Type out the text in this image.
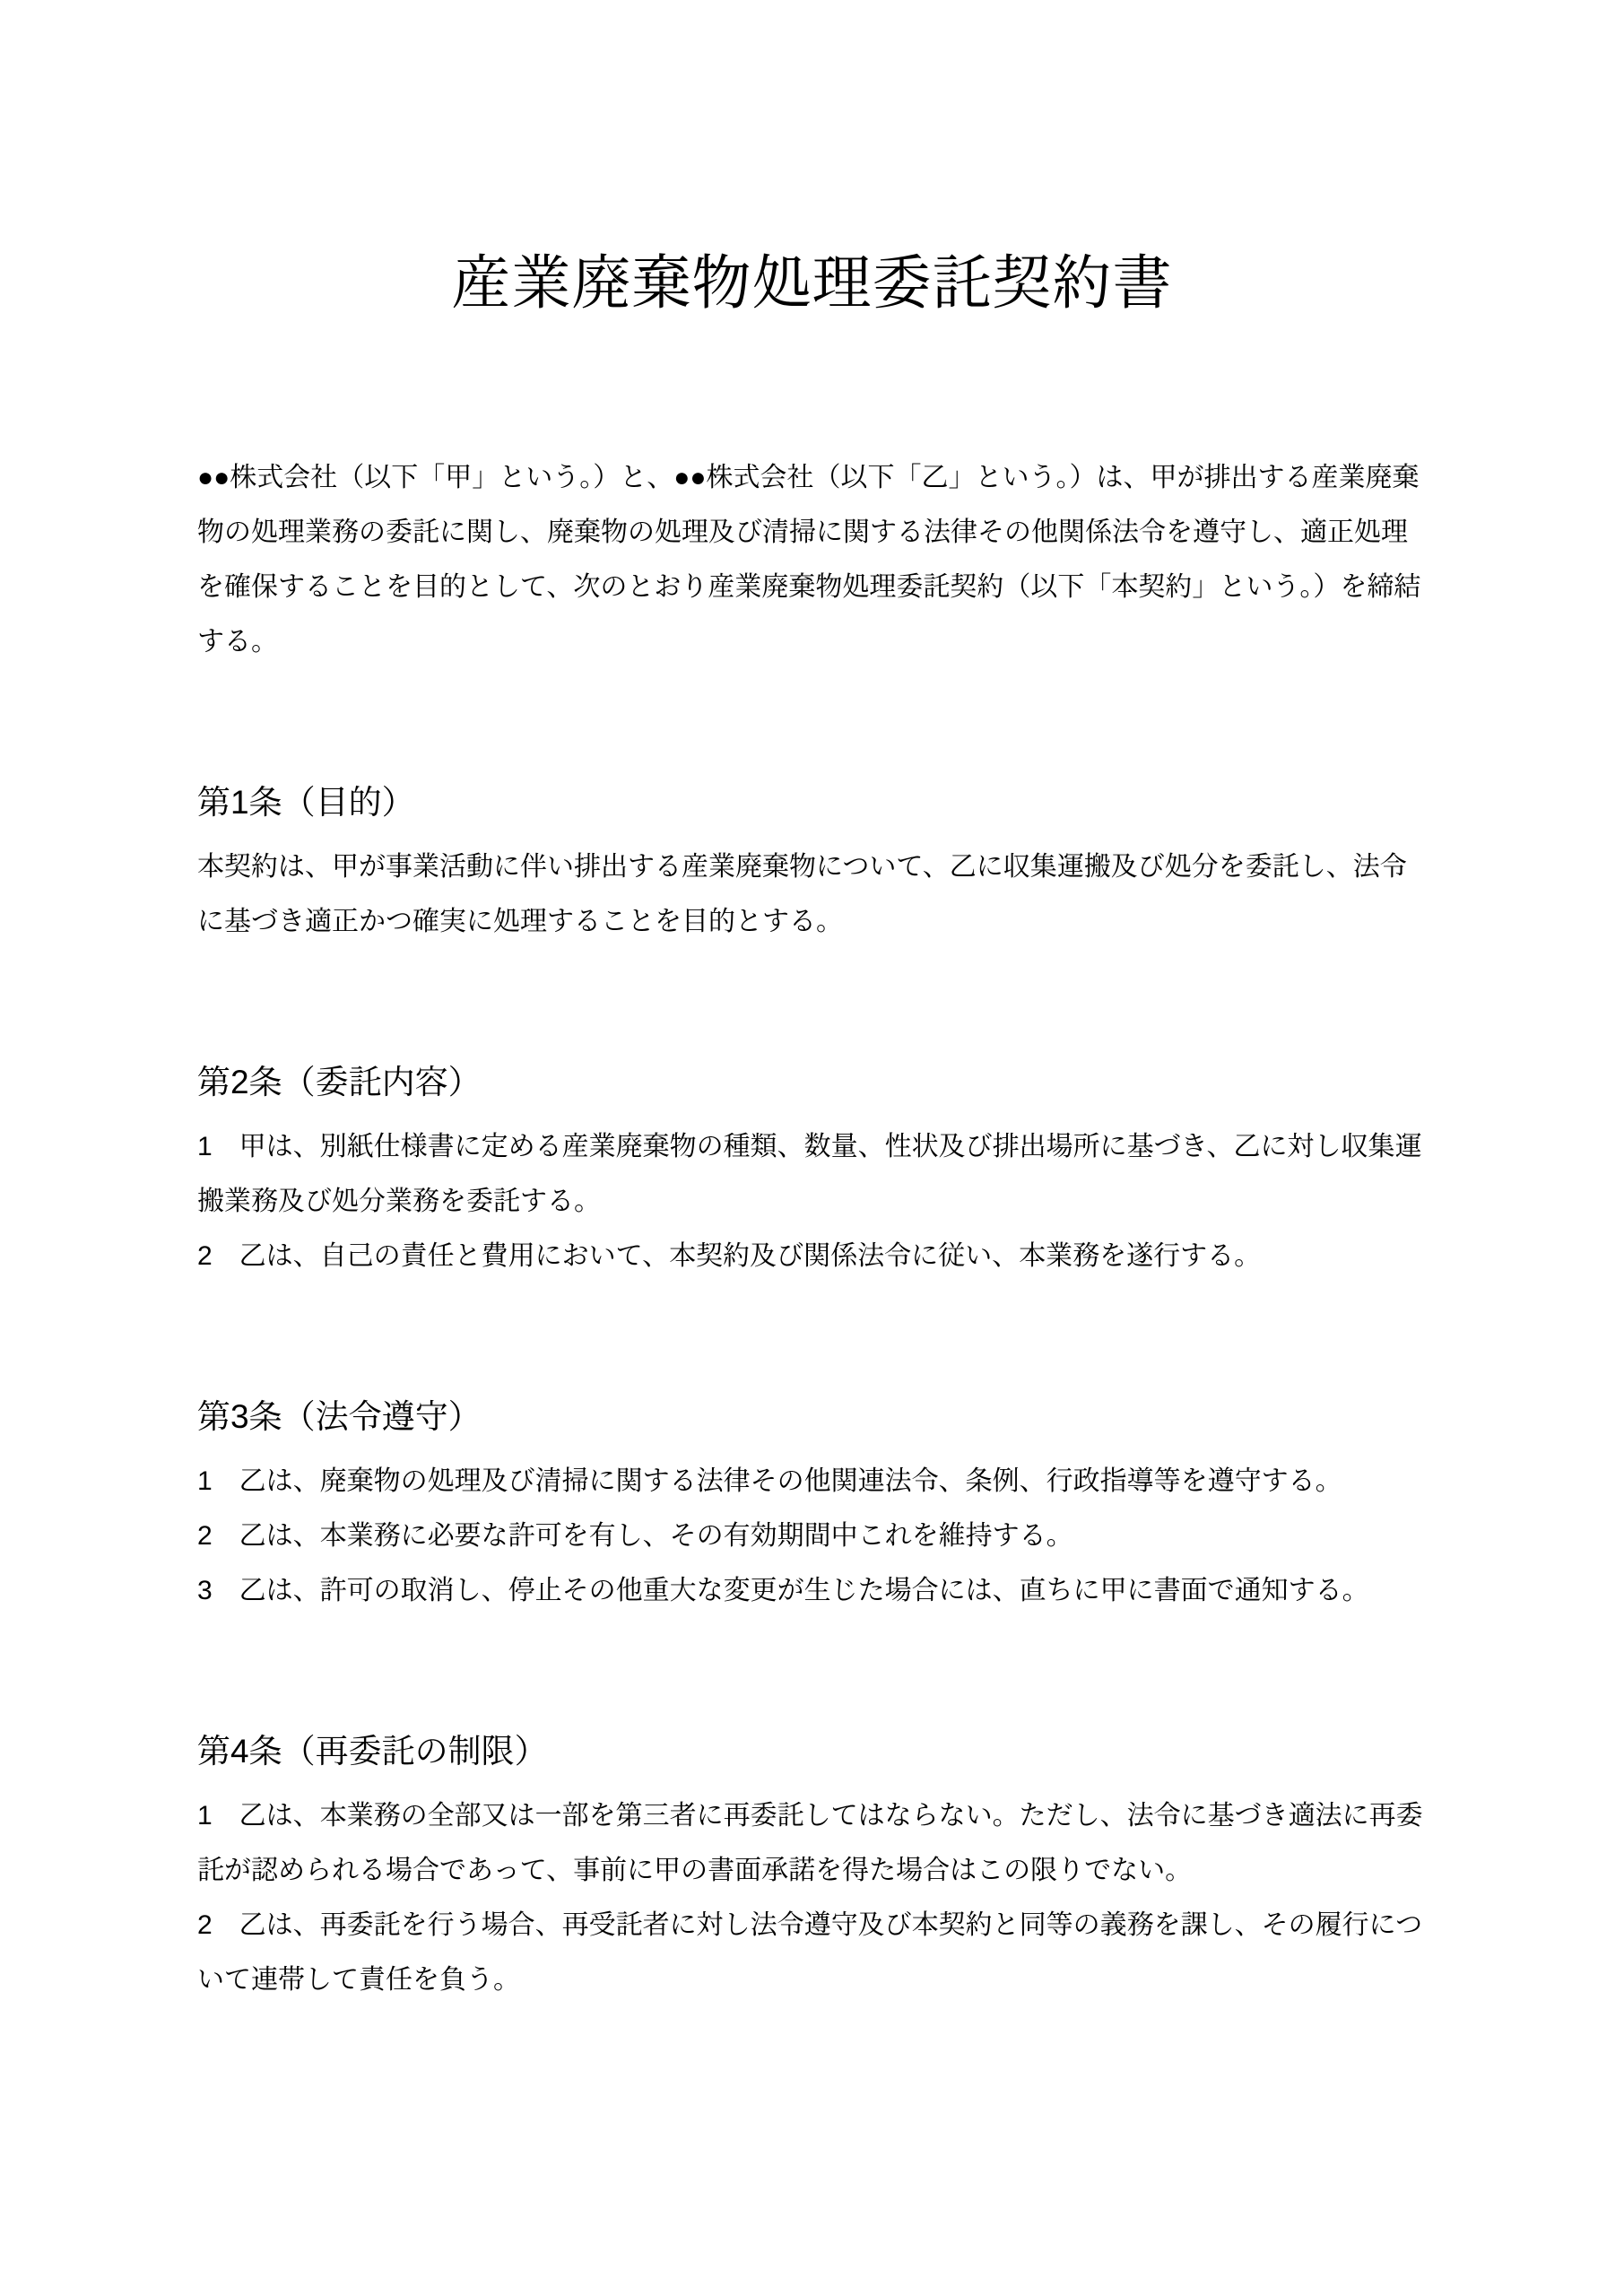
産業廃棄物処理委託契約書

●●株式会社（以下「甲」という。）と、●●株式会社（以下「乙」という。）は、甲が排出する産業廃棄物の処理業務の委託に関し、廃棄物の処理及び清掃に関する法律その他関係法令を遵守し、適正処理を確保することを目的として、次のとおり産業廃棄物処理委託契約（以下「本契約」という。）を締結する。

第1条（目的）

本契約は、甲が事業活動に伴い排出する産業廃棄物について、乙に収集運搬及び処分を委託し、法令に基づき適正かつ確実に処理することを目的とする。

第2条（委託内容）

1　甲は、別紙仕様書に定める産業廃棄物の種類、数量、性状及び排出場所に基づき、乙に対し収集運搬業務及び処分業務を委託する。

2　乙は、自己の責任と費用において、本契約及び関係法令に従い、本業務を遂行する。

第3条（法令遵守）

1　乙は、廃棄物の処理及び清掃に関する法律その他関連法令、条例、行政指導等を遵守する。

2　乙は、本業務に必要な許可を有し、その有効期間中これを維持する。

3　乙は、許可の取消し、停止その他重大な変更が生じた場合には、直ちに甲に書面で通知する。

第4条（再委託の制限）

1　乙は、本業務の全部又は一部を第三者に再委託してはならない。ただし、法令に基づき適法に再委託が認められる場合であって、事前に甲の書面承諾を得た場合はこの限りでない。

2　乙は、再委託を行う場合、再受託者に対し法令遵守及び本契約と同等の義務を課し、その履行について連帯して責任を負う。
